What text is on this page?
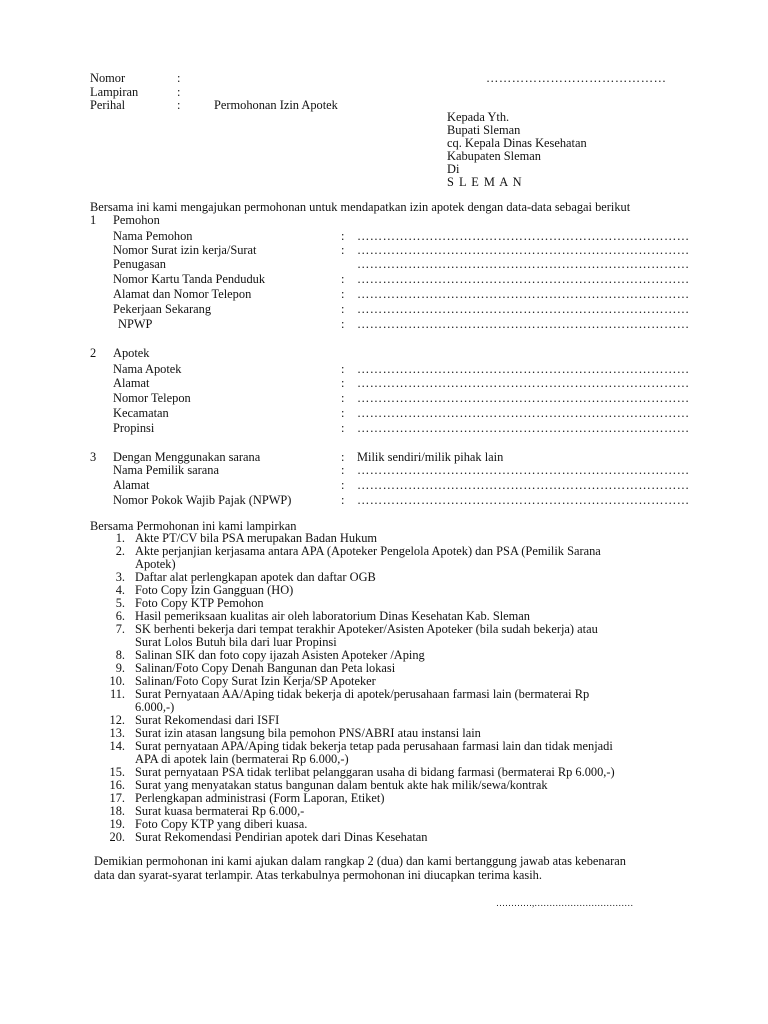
Nomor	:	……………………………………
Lampiran	:
Perihal	:	Permohonan Izin Apotek
Kepada Yth.
Bupati Sleman
cq. Kepala Dinas Kesehatan
Kabupaten Sleman
Di
S L E M A N
Bersama ini kami mengajukan permohonan untuk mendapatkan izin apotek dengan data-data sebagai berikut
1 Pemohon
Nama Pemohon	: ……………………………………………………………………
Nomor Surat izin kerja/Surat	: ……………………………………………………………………
Penugasan	……………………………………………………………………
Nomor Kartu Tanda Penduduk	: ……………………………………………………………………
Alamat dan Nomor Telepon	: ……………………………………………………………………
Pekerjaan Sekarang	: ……………………………………………………………………
NPWP	: ……………………………………………………………………
2 Apotek
Nama Apotek	: ……………………………………………………………………
Alamat	: ……………………………………………………………………
Nomor Telepon	: ……………………………………………………………………
Kecamatan	: ……………………………………………………………………
Propinsi	: ……………………………………………………………………
3 Dengan Menggunakan sarana	: Milik sendiri/milik pihak lain
Nama Pemilik sarana	: ……………………………………………………………………
Alamat	: ……………………………………………………………………
Nomor Pokok Wajib Pajak (NPWP)	: ……………………………………………………………………
Bersama Permohonan ini kami lampirkan
1. Akte PT/CV bila PSA merupakan Badan Hukum
2. Akte perjanjian kerjasama antara APA (Apoteker Pengelola Apotek) dan PSA (Pemilik Sarana
Apotek)
3. Daftar alat perlengkapan apotek dan daftar OGB
4. Foto Copy Izin Gangguan (HO)
5. Foto Copy KTP Pemohon
6. Hasil pemeriksaan kualitas air oleh laboratorium Dinas Kesehatan Kab. Sleman
7. SK berhenti bekerja dari tempat terakhir Apoteker/Asisten Apoteker (bila sudah bekerja) atau
Surat Lolos Butuh bila dari luar Propinsi
8. Salinan SIK dan foto copy ijazah Asisten Apoteker /Aping
9. Salinan/Foto Copy Denah Bangunan dan Peta lokasi
10. Salinan/Foto Copy Surat Izin Kerja/SP Apoteker
11. Surat Pernyataan AA/Aping tidak bekerja di apotek/perusahaan farmasi lain (bermaterai Rp
6.000,-)
12. Surat Rekomendasi dari ISFI
13. Surat izin atasan langsung bila pemohon PNS/ABRI atau instansi lain
14. Surat pernyataan APA/Aping tidak bekerja tetap pada perusahaan farmasi lain dan tidak menjadi
APA di apotek lain (bermaterai Rp 6.000,-)
15. Surat pernyataan PSA tidak terlibat pelanggaran usaha di bidang farmasi (bermaterai Rp 6.000,-)
16. Surat yang menyatakan status bangunan dalam bentuk akte hak milik/sewa/kontrak
17. Perlengkapan administrasi (Form Laporan, Etiket)
18. Surat kuasa bermaterai Rp 6.000,-
19. Foto Copy KTP yang diberi kuasa.
20. Surat Rekomendasi Pendirian apotek dari Dinas Kesehatan
Demikian permohonan ini kami ajukan dalam rangkap 2 (dua) dan kami bertanggung jawab atas kebenaran
data dan syarat-syarat terlampir. Atas terkabulnya permohonan ini diucapkan terima kasih.
…………,……………………………
